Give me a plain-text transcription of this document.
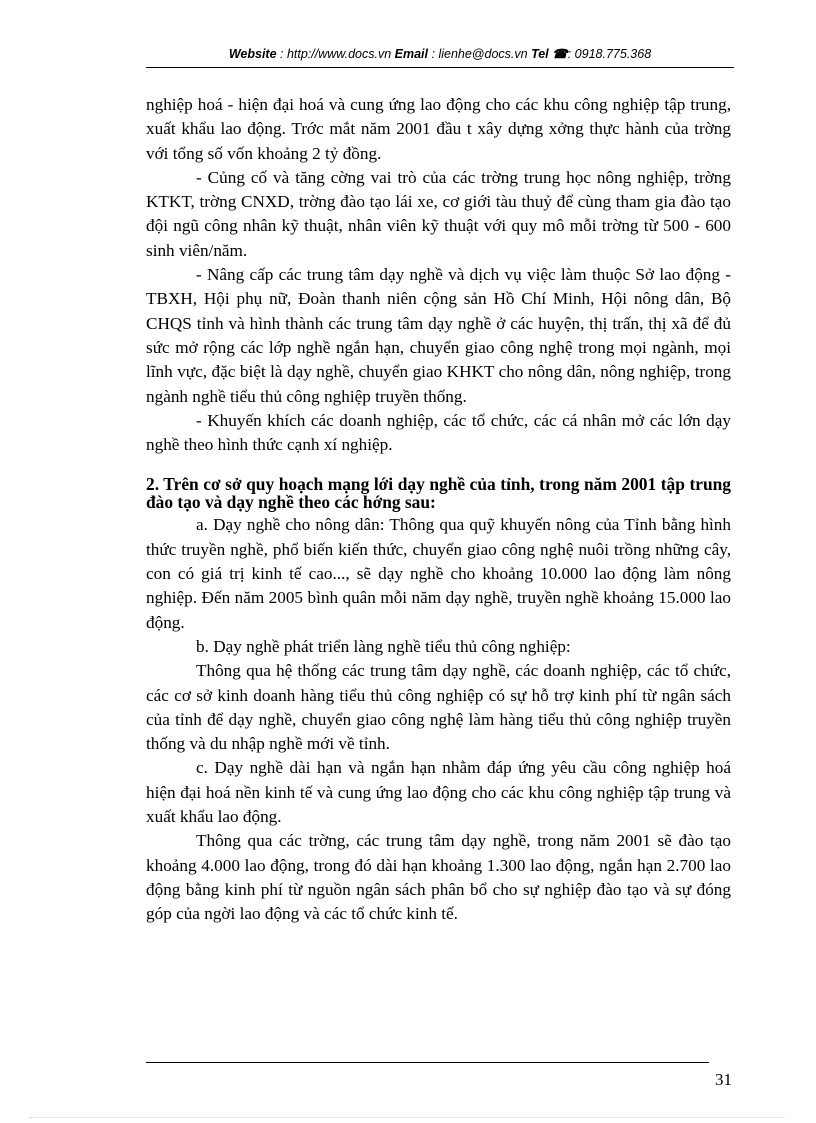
Website : http://www.docs.vn Email : lienhe@docs.vn Tel ☎: 0918.775.368

nghiệp hoá - hiện đại hoá và cung ứng lao động cho các khu công nghiệp tập trung, xuất khẩu lao động. Trớc mắt năm 2001 đầu t xây dựng xởng thực hành của trờng với tổng số vốn khoảng 2 tỷ đồng.

- Củng cố và tăng cờng vai trò của các trờng trung học nông nghiệp, trờng KTKT, trờng CNXD, trờng đào tạo lái xe, cơ giới tàu thuỷ để cùng tham gia đào tạo đội ngũ công nhân kỹ thuật, nhân viên kỹ thuật với quy mô mỗi trờng từ 500 - 600 sinh viên/năm.

- Nâng cấp các trung tâm dạy nghề và dịch vụ việc làm thuộc Sở lao động - TBXH, Hội phụ nữ, Đoàn thanh niên cộng sản Hồ Chí Minh, Hội nông dân, Bộ CHQS tỉnh và hình thành các trung tâm dạy nghề ở các huyện, thị trấn, thị xã để đủ sức mở rộng các lớp nghề ngắn hạn, chuyển giao công nghệ trong mọi ngành, mọi lĩnh vực, đặc biệt là dạy nghề, chuyển giao KHKT cho nông dân, nông nghiệp, trong ngành nghề tiểu thủ công nghiệp truyền thống.

- Khuyến khích các doanh nghiệp, các tổ chức, các cá nhân mở các lớn dạy nghề theo hình thức cạnh xí nghiệp.

2. Trên cơ sở quy hoạch mạng lới dạy nghề của tỉnh, trong năm 2001 tập trung đào tạo và dạy nghề theo các hớng sau:

a. Dạy nghề cho nông dân: Thông qua quỹ khuyến nông của Tỉnh bằng hình thức truyền nghề, phổ biến kiến thức, chuyển giao công nghệ nuôi trồng những cây, con có giá trị kinh tế cao..., sẽ dạy nghề cho khoảng 10.000 lao động làm nông nghiệp. Đến năm 2005 bình quân mỗi năm dạy nghề, truyền nghề khoảng 15.000 lao động.

b. Dạy nghề phát triển làng nghề tiểu thủ công nghiệp:

Thông qua hệ thống các trung tâm dạy nghề, các doanh nghiệp, các tổ chức, các cơ sở kinh doanh hàng tiểu thủ công nghiệp có sự hỗ trợ kinh phí từ ngân sách của tỉnh để dạy nghề, chuyển giao công nghệ làm hàng tiểu thủ công nghiệp truyền thống và du nhập nghề mới về tỉnh.

c. Dạy nghề dài hạn và ngắn hạn nhằm đáp ứng yêu cầu công nghiệp hoá hiện đại hoá nền kinh tế và cung ứng lao động cho các khu công nghiệp tập trung và xuất khẩu lao động.

Thông qua các trờng, các trung tâm dạy nghề, trong năm 2001 sẽ đào tạo khoảng 4.000 lao động, trong đó dài hạn khoảng 1.300 lao động, ngắn hạn 2.700 lao động bằng kinh phí từ nguồn ngân sách phân bổ cho sự nghiệp đào tạo và sự đóng góp của ngời lao động và các tổ chức kinh tế.

31
